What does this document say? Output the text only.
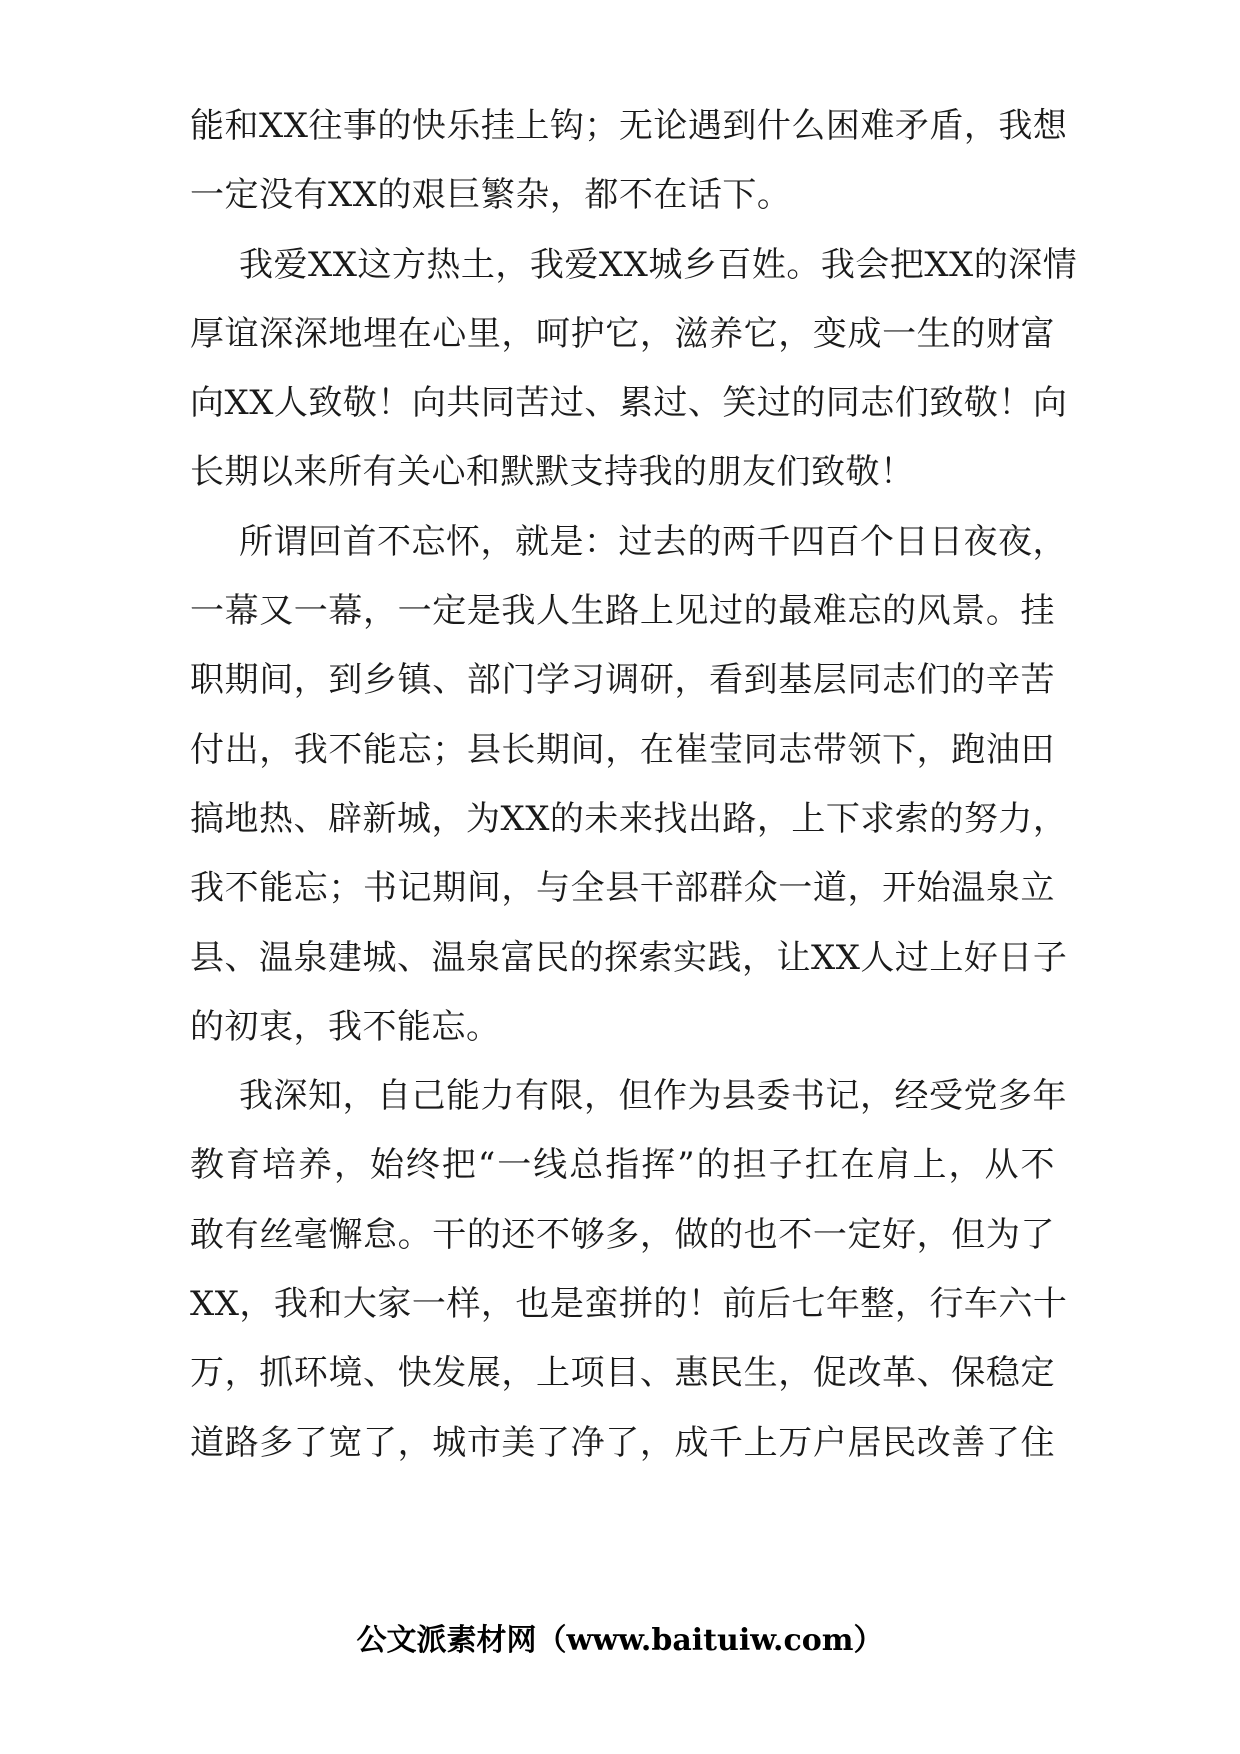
能和XX往事的快乐挂上钩；无论遇到什么困难矛盾，我想
一定没有XX的艰巨繁杂，都不在话下。
我爱XX这方热土，我爱XX城乡百姓。我会把XX的深情
厚谊深深地埋在心里，呵护它，滋养它，变成一生的财富
向XX人致敬！向共同苦过、累过、笑过的同志们致敬！向
长期以来所有关心和默默支持我的朋友们致敬！
所谓回首不忘怀，就是：过去的两千四百个日日夜夜，
一幕又一幕，一定是我人生路上见过的最难忘的风景。挂
职期间，到乡镇、部门学习调研，看到基层同志们的辛苦
付出，我不能忘；县长期间，在崔莹同志带领下，跑油田
搞地热、辟新城，为XX的未来找出路，上下求索的努力，
我不能忘；书记期间，与全县干部群众一道，开始温泉立
县、温泉建城、温泉富民的探索实践，让XX人过上好日子
的初衷，我不能忘。
我深知，自己能力有限，但作为县委书记，经受党多年
教育培养，始终把“一线总指挥”的担子扛在肩上，从不
敢有丝毫懈怠。干的还不够多，做的也不一定好，但为了
XX，我和大家一样，也是蛮拼的！前后七年整，行车六十
万，抓环境、快发展，上项目、惠民生，促改革、保稳定
道路多了宽了，城市美了净了，成千上万户居民改善了住
公文派素材网（www.baituiw.com）
